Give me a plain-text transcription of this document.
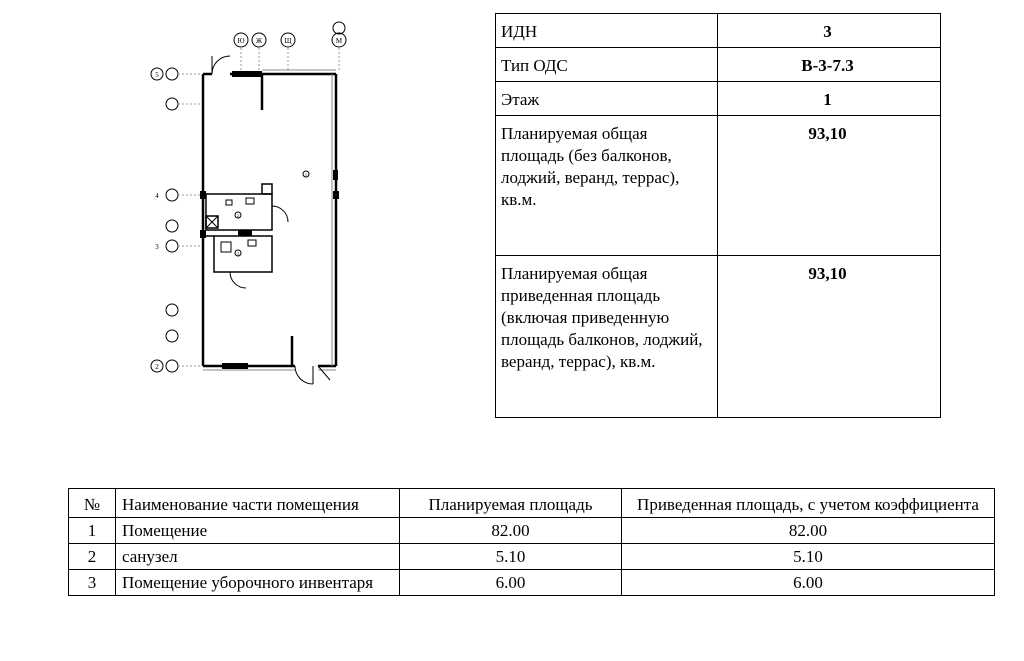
Ю Ж	Щ	М
5
4
3
2
1
2
3
ИДН	3
Тип ОДС	В-3-7.3
Этаж	1
Планируемая общая площадь (без балконов, лоджий, веранд, террас), кв.м.	93,10
Планируемая общая приведенная площадь (включая приведенную площадь балконов, лоджий, веранд, террас), кв.м.	93,10
№	Наименование части помещения	Планируемая площадь	Приведенная площадь, с учетом коэффициента
1	Помещение	82.00	82.00
2	санузел	5.10	5.10
3	Помещение уборочного инвентаря	6.00	6.00
